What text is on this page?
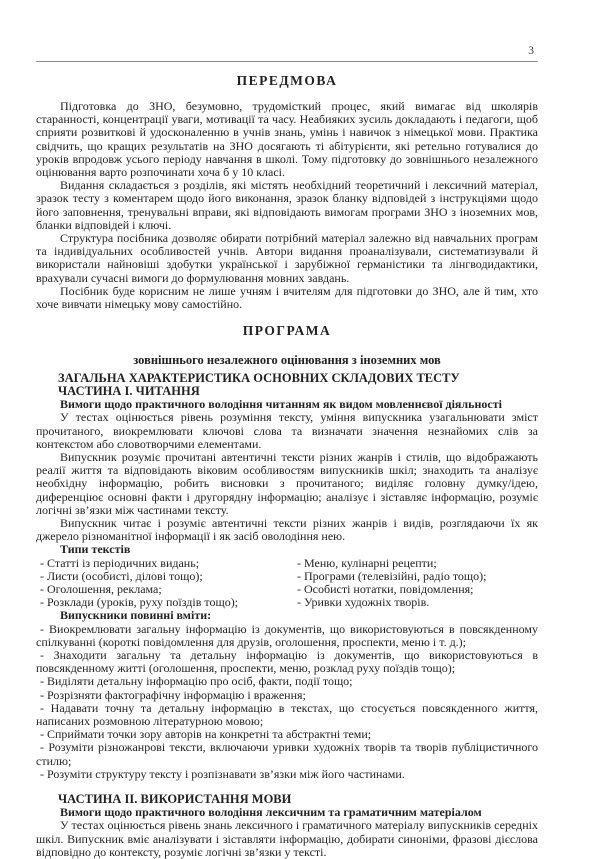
3
ПЕРЕДМОВА

Підготовка до ЗНО, безумовно, трудомісткий процес, який вимагає від школярів старанності, концентрації уваги, мотивації та часу. Неабияких зусиль докладають і педагоги, щоб сприяти розвиткові й удосконаленню в учнів знань, умінь і навичок з німецької мови. Практика свідчить, що кращих результатів на ЗНО досягають ті абітурієнти, які ретельно готувалися до уроків впродовж усього періоду навчання в школі. Тому підготовку до зовнішнього незалежного оцінювання варто розпочинати хоча б у 10 класі.

Видання складається з розділів, які містять необхідний теоретичний і лексичний матеріал, зразок тесту з коментарем щодо його виконання, зразок бланку відповідей з інструкціями щодо його заповнення, тренувальні вправи, які відповідають вимогам програми ЗНО з іноземних мов, бланки відповідей і ключі.

Структура посібника дозволяє обирати потрібний матеріал залежно від навчальних програм та індивідуальних особливостей учнів. Автори видання проаналізували, систематизували й використали найновіші здобутки української і зарубіжної германістики та лінгводидактики, врахували сучасні вимоги до формулювання мовних завдань.

Посібник буде корисним не лише учням і вчителям для підготовки до ЗНО, але й тим, хто хоче вивчати німецьку мову самостійно.

ПРОГРАМА
зовнішнього незалежного оцінювання з іноземних мов

ЗАГАЛЬНА ХАРАКТЕРИСТИКА ОСНОВНИХ СКЛАДОВИХ ТЕСТУ

ЧАСТИНА І. ЧИТАННЯ

Вимоги щодо практичного володіння читанням як видом мовленнєвої діяльності

У тестах оцінюється рівень розуміння тексту, уміння випускника узагальнювати зміст прочитаного, виокремлювати ключові слова та визначати значення незнайомих слів за контекстом або словотворчими елементами.

Випускник розуміє прочитані автентичні тексти різних жанрів і стилів, що відображають реалії життя та відповідають віковим особливостям випускників шкіл; знаходить та аналізує необхідну інформацію, робить висновки з прочитаного; виділяє головну думку/ідею, диференціює основні факти і другорядну інформацію; аналізує і зіставляє інформацію, розуміє логічні зв’язки між частинами тексту.

Випускник читає і розуміє автентичні тексти різних жанрів і видів, розглядаючи їх як джерело різноманітної інформації і як засіб оволодіння нею.

Типи текстів

- Статті із періодичних видань;

- Листи (особисті, ділові тощо);

- Оголошення, реклама;

- Розклади (уроків, руху поїздів тощо);

- Меню, кулінарні рецепти;

- Програми (телевізійні, радіо тощо);

- Особисті нотатки, повідомлення;

- Уривки художніх творів.

Випускники повинні вміти:

- Виокремлювати загальну інформацію із документів, що використовуються в повсякденному спілкуванні (короткі повідомлення для друзів, оголошення, проспекти, меню і т. д.);

- Знаходити загальну та детальну інформацію із документів, що використовуються в повсякденному житті (оголошення, проспекти, меню, розклад руху поїздів тощо);

- Виділяти детальну інформацію про осіб, факти, події тощо;

- Розрізняти фактографічну інформацію і враження;

- Надавати точну та детальну інформацію в текстах, що стосується повсякденного життя, написаних розмовною літературною мовою;

- Сприймати точки зору авторів на конкретні та абстрактні теми;

- Розуміти різножанрові тексти, включаючи уривки художніх творів та творів публіцистичного стилю;

- Розуміти структуру тексту і розпізнавати зв’язки між його частинами.

ЧАСТИНА ІІ. ВИКОРИСТАННЯ МОВИ

Вимоги щодо практичного володіння лексичним та граматичним матеріалом

У тестах оцінюється рівень знань лексичного і граматичного матеріалу випускників середніх шкіл. Випускник вміє аналізувати і зіставляти інформацію, добирати синоніми, фразові дієслова відповідно до контексту, розуміє логічні зв’язки у тексті.
